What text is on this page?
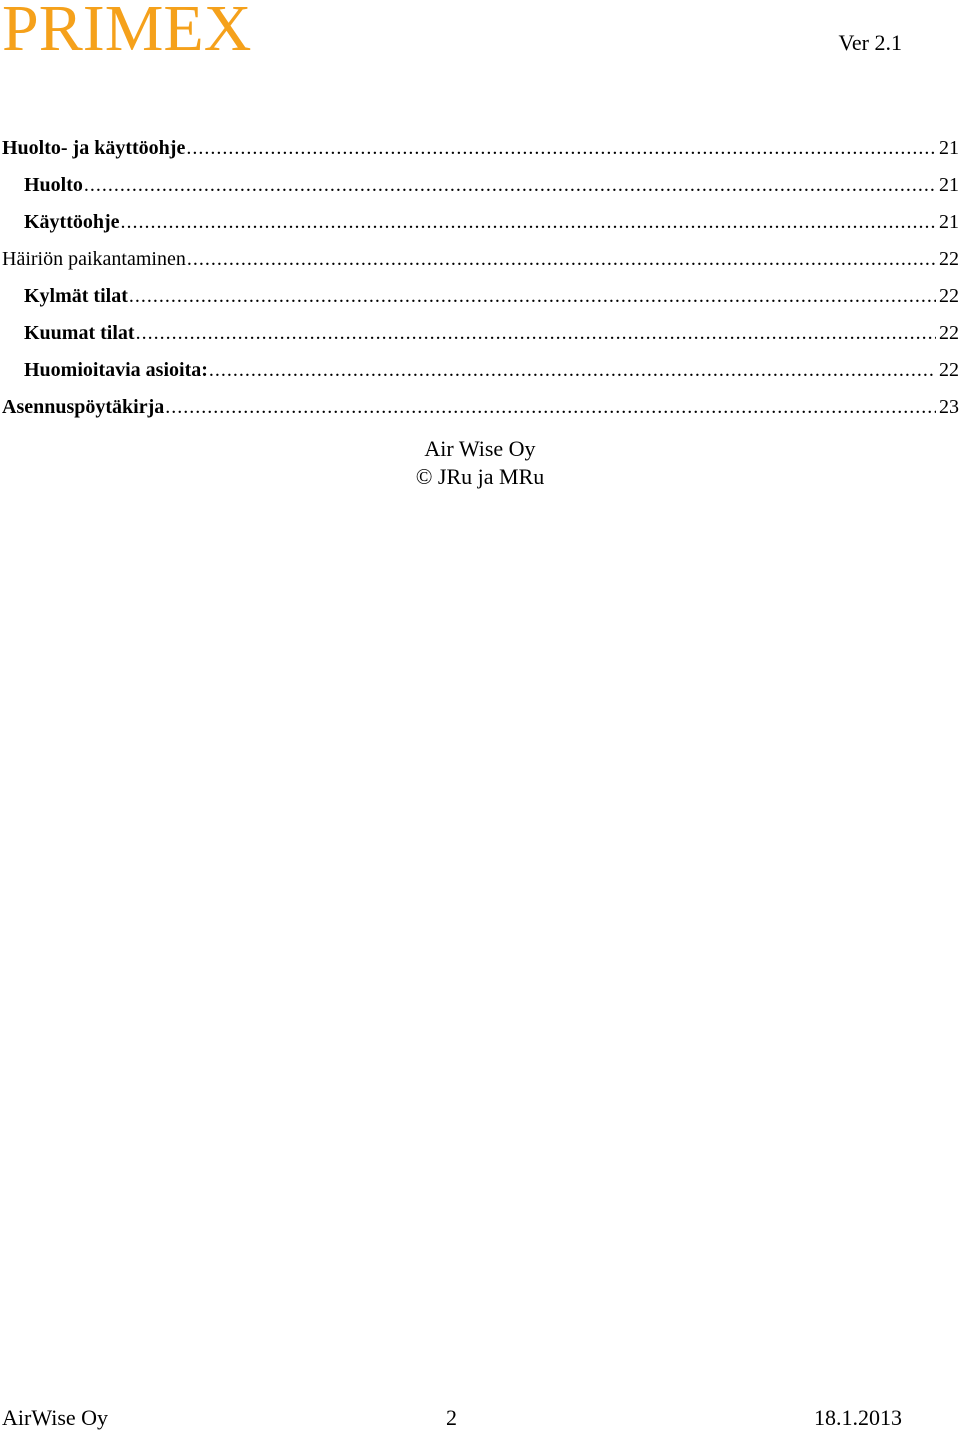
PRIMEX	Ver 2.1
Huolto- ja käyttöohje .....	21
Huolto .....	21
Käyttöohje .....	21
Häiriön paikantaminen .....	22
Kylmät tilat .....	22
Kuumat tilat .....	22
Huomioitavia asioita: .....	22
Asennuspöytäkirja .....	23
Air Wise Oy
© JRu ja MRu
AirWise Oy	2	18.1.2013
